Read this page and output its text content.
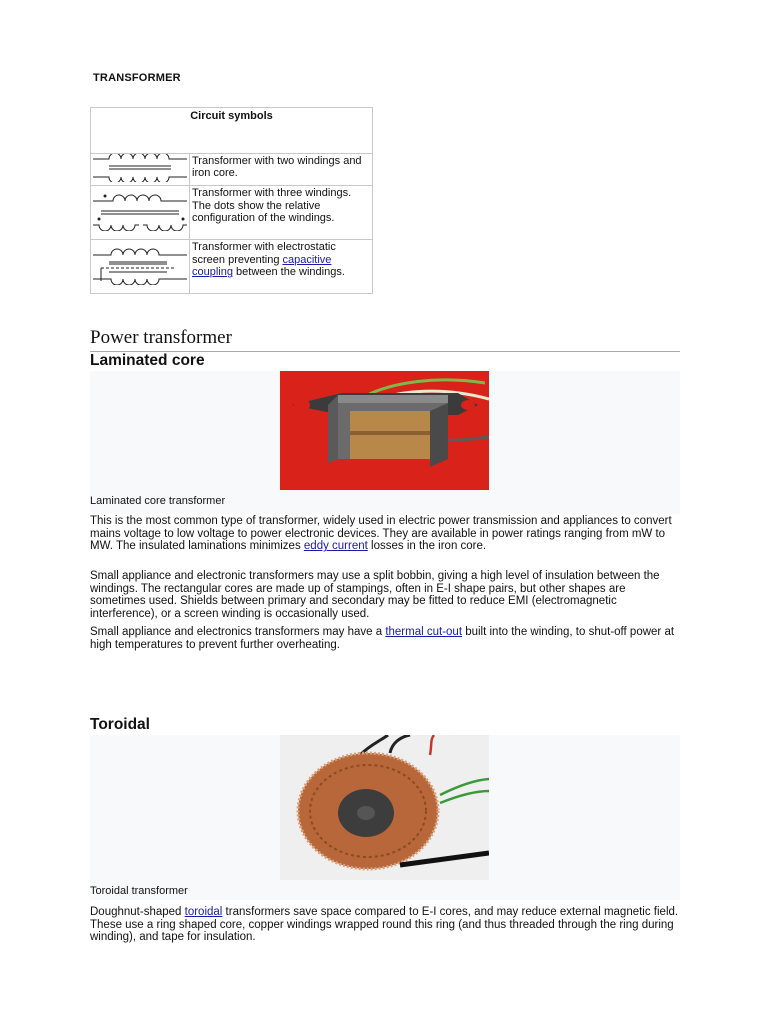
TRANSFORMER
Circuit symbols	
	Transformer with two windings and iron core.
	Transformer with three windings. The dots show the relative configuration of the windings.
	Transformer with electrostatic screen preventing capacitive coupling between the windings.
Power transformer
Laminated core
Laminated core transformer

This is the most common type of transformer, widely used in electric power transmission and appliances to convert mains voltage to low voltage to power electronic devices. They are available in power ratings ranging from mW to MW. The insulated laminations minimizes eddy current losses in the iron core.

Small appliance and electronic transformers may use a split bobbin, giving a high level of insulation between the windings. The rectangular cores are made up of stampings, often in E-I shape pairs, but other shapes are sometimes used. Shields between primary and secondary may be fitted to reduce EMI (electromagnetic interference), or a screen winding is occasionally used.

Small appliance and electronics transformers may have a thermal cut-out built into the winding, to shut-off power at high temperatures to prevent further overheating.

Toroidal
Toroidal transformer

Doughnut-shaped toroidal transformers save space compared to E-I cores, and may reduce external magnetic field. These use a ring shaped core, copper windings wrapped round this ring (and thus threaded through the ring during winding), and tape for insulation.
